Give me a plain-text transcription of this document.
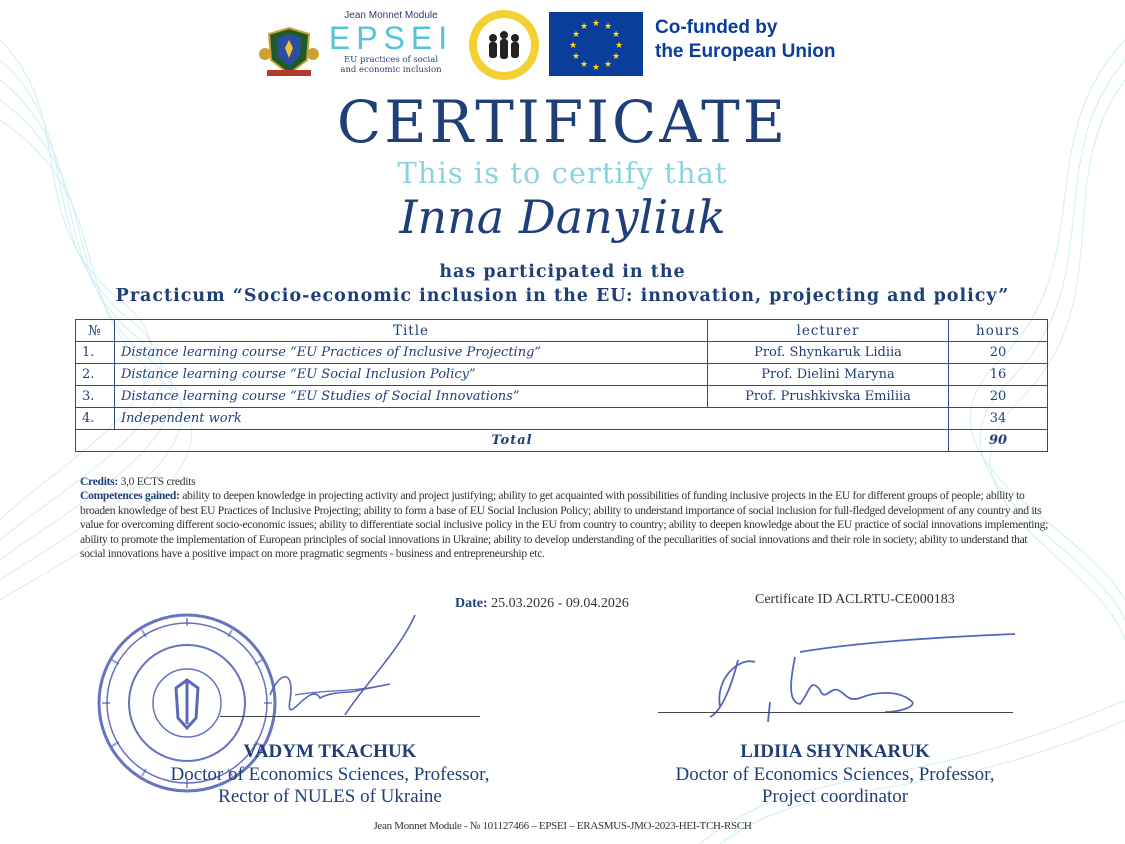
Jean Monnet Module
EPSEI
EU practices of social
and economic inclusion
★ ★
★
★
★
★
★
★
★
★
★
★	Co-funded by
the European Union
CERTIFICATE
This is to certify that
Inna Danyliuk
has participated in the
Practicum “Socio-economic inclusion in the EU: innovation, projecting and policy”
№	Title	lecturer	hours
1.	Distance learning course “EU Practices of Inclusive Projecting”	Prof. Shynkaruk Lidiia	20
2.	Distance learning course “EU Social Inclusion Policy”	Prof. Dielini Maryna	16
3.	Distance learning course “EU Studies of Social Innovations”	Prof. Prushkivska Emiliia	20
4.	Independent work		34
Total			90
Credits: 3,0 ECTS credits
Competences gained: ability to deepen knowledge in projecting activity and project justifying; ability to get acquainted with possibilities of funding inclusive projects in the EU for different groups of people; ability to broaden knowledge of best EU Practices of Inclusive Projecting; ability to form a base of EU Social Inclusion Policy; ability to understand importance of social inclusion for full-fledged development of any country and its value for overcoming different socio-economic issues; ability to differentiate social inclusive policy in the EU from country to country; ability to deepen knowledge about the EU practice of social innovations implementing; ability to promote the implementation of European principles of social innovations in Ukraine; ability to develop understanding of the peculiarities of social innovations and their role in society; ability to understand that social innovations have a positive impact on more pragmatic segments - business and entrepreneurship etc.
Date: 25.03.2026 - 09.04.2026	Certificate ID ACLRTU-CE000183
VADYM TKACHUK
Doctor of Economics Sciences, Professor,
Rector of NULES of Ukraine
LIDIIA SHYNKARUK
Doctor of Economics Sciences, Professor,
Project coordinator
Jean Monnet Module - № 101127466 – EPSEI – ERASMUS-JMO-2023-HEI-TCH-RSCH
